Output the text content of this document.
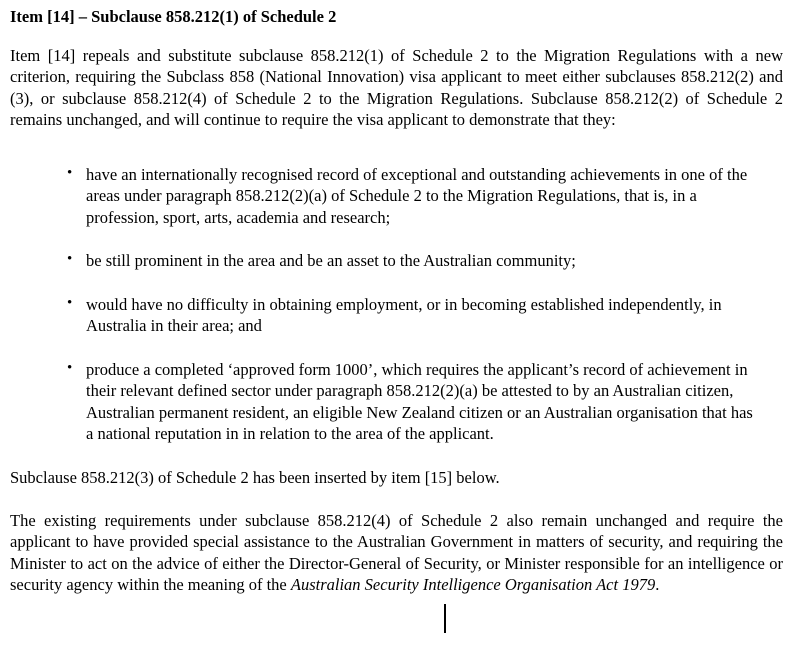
Item [14] – Subclause 858.212(1) of Schedule 2

Item [14] repeals and substitute subclause 858.212(1) of Schedule 2 to the Migration Regulations with a new criterion, requiring the Subclass 858 (National Innovation) visa applicant to meet either subclauses 858.212(2) and (3), or subclause 858.212(4) of Schedule 2 to the Migration Regulations. Subclause 858.212(2) of Schedule 2 remains unchanged, and will continue to require the visa applicant to demonstrate that they:

• have an internationally recognised record of exceptional and outstanding achievements in one of the areas under paragraph 858.212(2)(a) of Schedule 2 to the Migration Regulations, that is, in a profession, sport, arts, academia and research;
• be still prominent in the area and be an asset to the Australian community;
• would have no difficulty in obtaining employment, or in becoming established independently, in Australia in their area; and
• produce a completed ‘approved form 1000’, which requires the applicant’s record of achievement in their relevant defined sector under paragraph 858.212(2)(a) be attested to by an Australian citizen, Australian permanent resident, an eligible New Zealand citizen or an Australian organisation that has a national reputation in in relation to the area of the applicant.

Subclause 858.212(3) of Schedule 2 has been inserted by item [15] below.

The existing requirements under subclause 858.212(4) of Schedule 2 also remain unchanged and require the applicant to have provided special assistance to the Australian Government in matters of security, and requiring the Minister to act on the advice of either the Director-General of Security, or Minister responsible for an intelligence or security agency within the meaning of the Australian Security Intelligence Organisation Act 1979.
